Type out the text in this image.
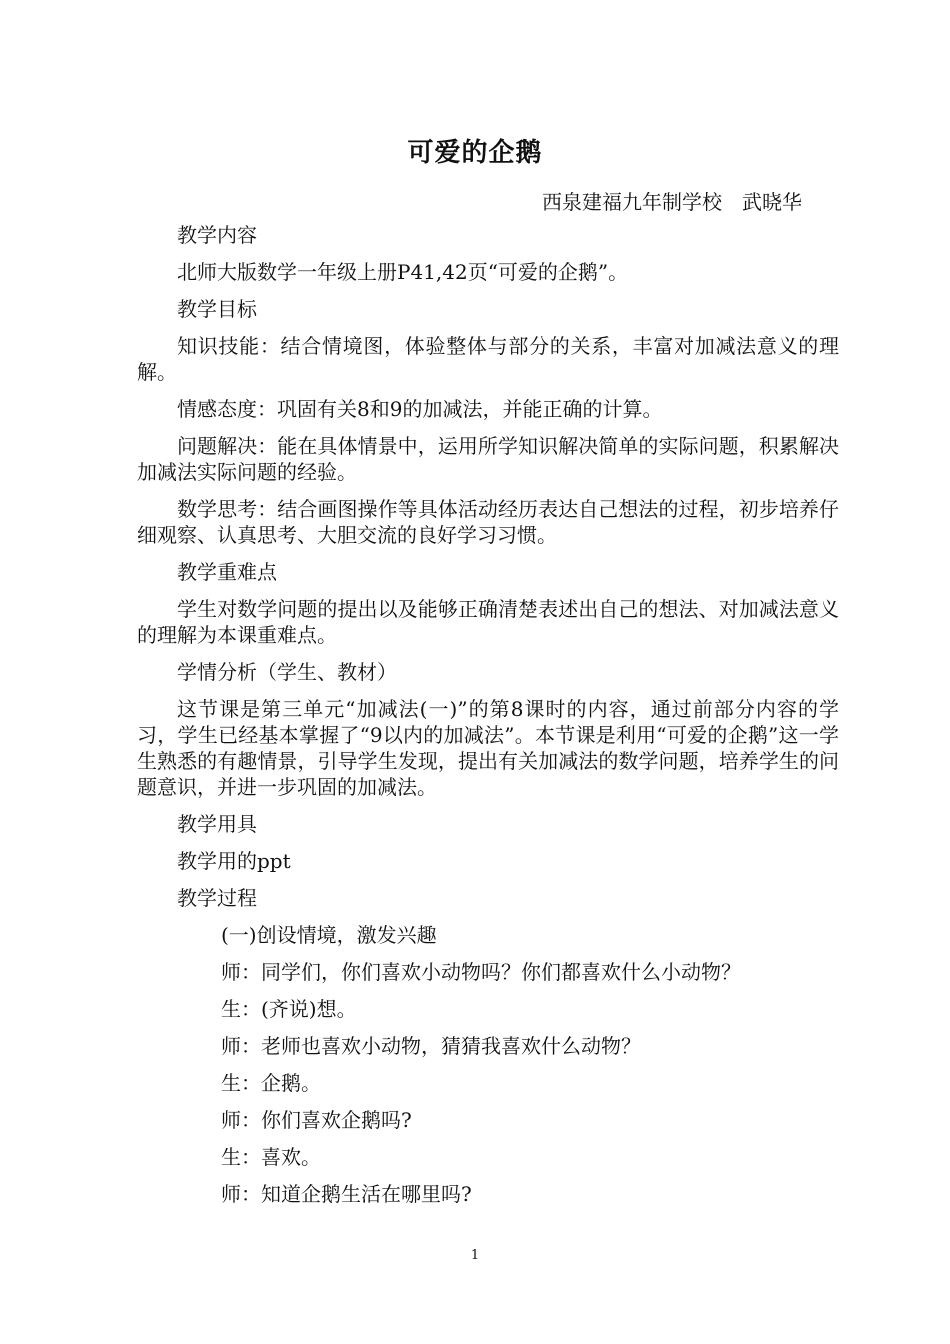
可爱的企鹅
西泉建福九年制学校　武晓华

教学内容

北师大版数学一年级上册P41,42页“可爱的企鹅”。

教学目标

知识技能：结合情境图，体验整体与部分的关系，丰富对加减法意义的理解。

情感态度：巩固有关8和9的加减法，并能正确的计算。

问题解决：能在具体情景中，运用所学知识解决简单的实际问题，积累解决加减法实际问题的经验。

数学思考：结合画图操作等具体活动经历表达自己想法的过程，初步培养仔细观察、认真思考、大胆交流的良好学习习惯。

教学重难点

学生对数学问题的提出以及能够正确清楚表述出自己的想法、对加减法意义的理解为本课重难点。

学情分析（学生、教材）

这节课是第三单元“加减法(一)”的第8课时的内容，通过前部分内容的学习，学生已经基本掌握了“9以内的加减法”。本节课是利用“可爱的企鹅”这一学生熟悉的有趣情景，引导学生发现，提出有关加减法的数学问题，培养学生的问题意识，并进一步巩固的加减法。

教学用具

教学用的ppt

教学过程

(一)创设情境，激发兴趣

师：同学们，你们喜欢小动物吗？你们都喜欢什么小动物？

生：(齐说)想。

师：老师也喜欢小动物，猜猜我喜欢什么动物？

生：企鹅。

师：你们喜欢企鹅吗?

生：喜欢。

师：知道企鹅生活在哪里吗?

1
